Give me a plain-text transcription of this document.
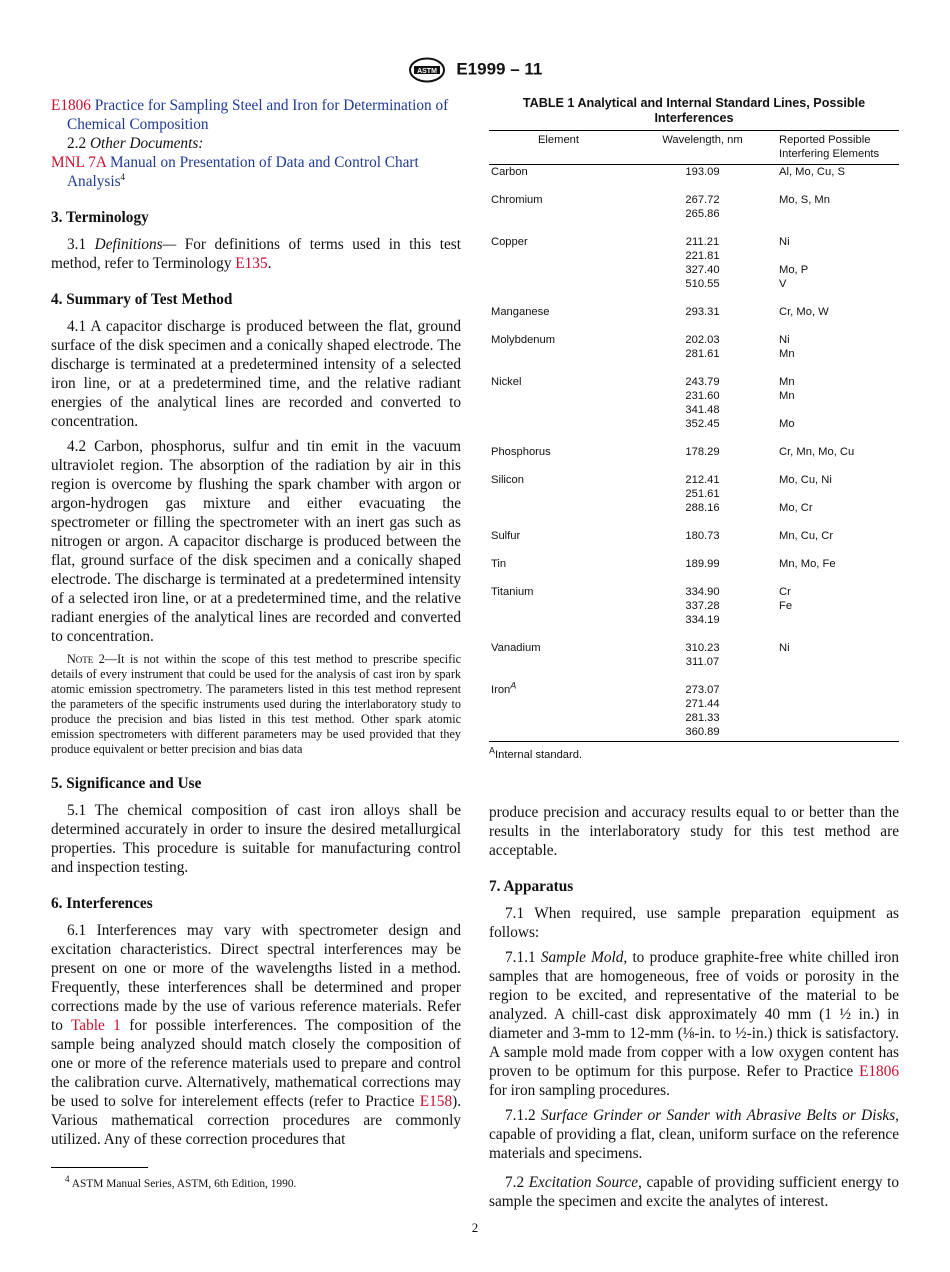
ASTM E1999 – 11

E1806 Practice for Sampling Steel and Iron for Determination of Chemical Composition

2.2 Other Documents:

MNL 7A Manual on Presentation of Data and Control Chart Analysis$^4$

3. Terminology

3.1 Definitions— For definitions of terms used in this test method, refer to Terminology E135.

4. Summary of Test Method

4.1 A capacitor discharge is produced between the flat, ground surface of the disk specimen and a conically shaped electrode. The discharge is terminated at a predetermined intensity of a selected iron line, or at a predetermined time, and the relative radiant energies of the analytical lines are recorded and converted to concentration.

4.2 Carbon, phosphorus, sulfur and tin emit in the vacuum ultraviolet region. The absorption of the radiation by air in this region is overcome by flushing the spark chamber with argon or argon-hydrogen gas mixture and either evacuating the spectrometer or filling the spectrometer with an inert gas such as nitrogen or argon. A capacitor discharge is produced between the flat, ground surface of the disk specimen and a conically shaped electrode. The discharge is terminated at a predetermined intensity of a selected iron line, or at a predetermined time, and the relative radiant energies of the analytical lines are recorded and converted to concentration.

Note 2—It is not within the scope of this test method to prescribe specific details of every instrument that could be used for the analysis of cast iron by spark atomic emission spectrometry. The parameters listed in this test method represent the parameters of the specific instruments used during the interlaboratory study to produce the precision and bias listed in this test method. Other spark atomic emission spectrometers with different parameters may be used provided that they produce equivalent or better precision and bias data

5. Significance and Use

5.1 The chemical composition of cast iron alloys shall be determined accurately in order to insure the desired metallurgical properties. This procedure is suitable for manufacturing control and inspection testing.

6. Interferences

6.1 Interferences may vary with spectrometer design and excitation characteristics. Direct spectral interferences may be present on one or more of the wavelengths listed in a method. Frequently, these interferences shall be determined and proper corrections made by the use of various reference materials. Refer to Table 1 for possible interferences. The composition of the sample being analyzed should match closely the composition of one or more of the reference materials used to prepare and control the calibration curve. Alternatively, mathematical corrections may be used to solve for interelement effects (refer to Practice E158). Various mathematical correction procedures are commonly utilized. Any of these correction procedures that

$^4$ ASTM Manual Series, ASTM, 6th Edition, 1990.
TABLE 1 Analytical and Internal Standard Lines, Possible Interferences
Element	Wavelength, nm	Reported Possible Interfering Elements
Carbon	193.09	Al, Mo, Cu, S

Chromium	267.72	Mo, S, Mn
	265.86	

Copper	211.21	Ni
	221.81	
	327.40	Mo, P
	510.55	V

Manganese	293.31	Cr, Mo, W

Molybdenum	202.03	Ni
	281.61	Mn

Nickel	243.79	Mn
	231.60	Mn
	341.48	
	352.45	Mo

Phosphorus	178.29	Cr, Mn, Mo, Cu

Silicon	212.41	Mo, Cu, Ni
	251.61	
	288.16	Mo, Cr

Sulfur	180.73	Mn, Cu, Cr

Tin	189.99	Mn, Mo, Fe

Titanium	334.90	Cr
	337.28	Fe
	334.19	

Vanadium	310.23	Ni
	311.07	

Iron$^A$	273.07	
	271.44	
	281.33	
	360.89	
$^A$Internal standard.

produce precision and accuracy results equal to or better than the results in the interlaboratory study for this test method are acceptable.

7. Apparatus

7.1 When required, use sample preparation equipment as follows:

7.1.1 Sample Mold, to produce graphite-free white chilled iron samples that are homogeneous, free of voids or porosity in the region to be excited, and representative of the material to be analyzed. A chill-cast disk approximately 40 mm (1 ½ in.) in diameter and 3-mm to 12-mm (⅛-in. to ½-in.) thick is satisfactory. A sample mold made from copper with a low oxygen content has proven to be optimum for this purpose. Refer to Practice E1806 for iron sampling procedures.

7.1.2 Surface Grinder or Sander with Abrasive Belts or Disks, capable of providing a flat, clean, uniform surface on the reference materials and specimens.

7.2 Excitation Source, capable of providing sufficient energy to sample the specimen and excite the analytes of interest.

2
